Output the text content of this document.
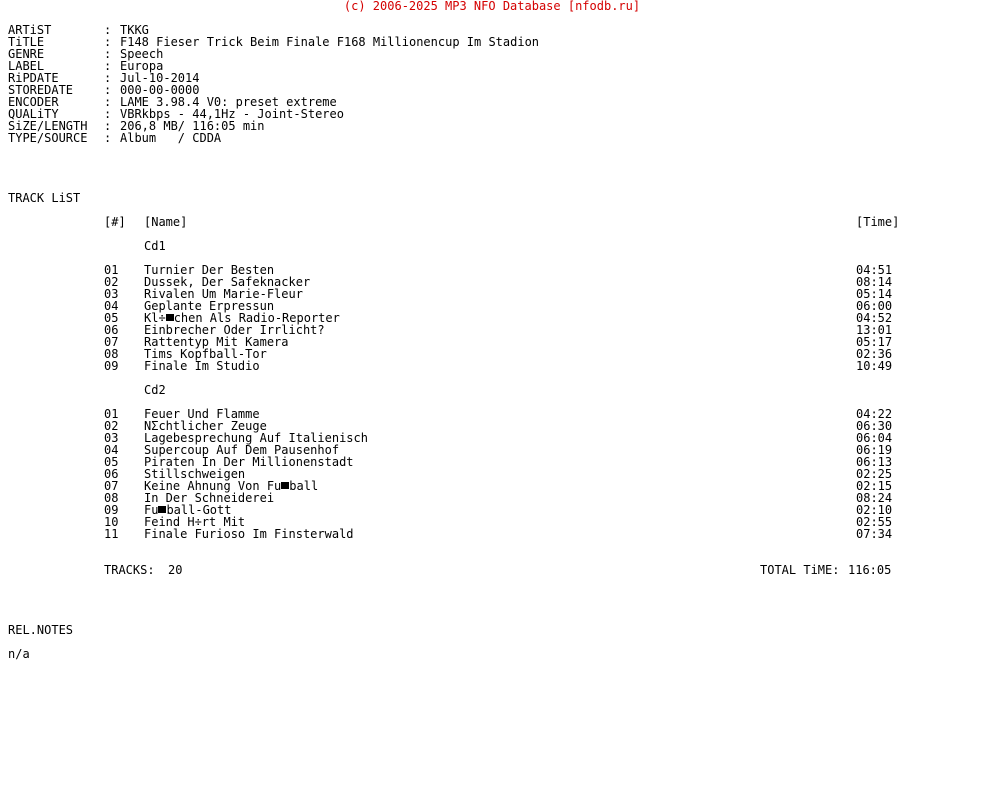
(c) 2006-2025 MP3 NFO Database [nfodb.ru]
ARTiST	: TKKG
TiTLE	: F148 Fieser Trick Beim Finale F168 Millionencup Im Stadion
GENRE	: Speech
LABEL	: Europa
RiPDATE	: Jul-10-2014
STOREDATE	: 000-00-0000
ENCODER	: LAME 3.98.4 V0: preset extreme
QUALiTY	: VBRkbps - 44,1Hz - Joint-Stereo
SiZE/LENGTH : 206,8 MB/ 116:05 min
TYPE/SOURCE : Album   / CDDA
TRACK LiST
[#] [Name]	[Time]
Cd1
01 Turnier Der Besten	04:51
02 Dussek, Der Safeknacker	08:14
03 Rivalen Um Marie-Fleur	05:14
04 Geplante Erpressun	06:00
05 Kl÷ chen Als Radio-Reporter	04:52
06 Einbrecher Oder Irrlicht?	13:01
07 Rattentyp Mit Kamera	05:17
08 Tims Kopfball-Tor	02:36
09 Finale Im Studio	10:49
Cd2
01 Feuer Und Flamme	04:22
02 NΣchtlicher Zeuge	06:30
03 Lagebesprechung Auf Italienisch	06:04
04 Supercoup Auf Dem Pausenhof	06:19
05 Piraten In Der Millionenstadt	06:13
06 Stillschweigen	02:25
07 Keine Ahnung Von Fu ball	02:15
08 In Der Schneiderei	08:24
09 Fu ball-Gott	02:10
10 Feind H÷rt Mit	02:55
11 Finale Furioso Im Finsterwald	07:34
TRACKS: 20	TOTAL TiME: 116:05
REL.NOTES
n/a
